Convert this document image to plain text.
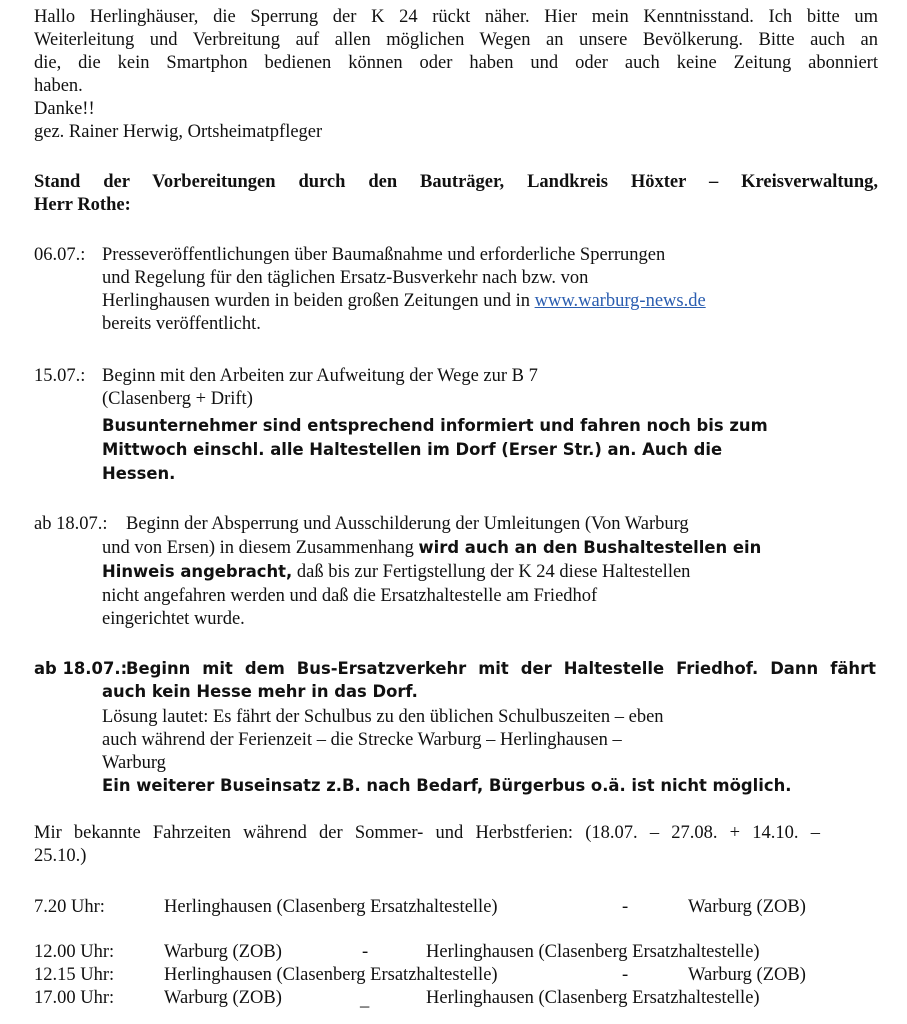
Hallo Herlinghäuser, die Sperrung der K 24 rückt näher. Hier mein Kenntnisstand. Ich bitte um
Weiterleitung und Verbreitung auf allen möglichen Wegen an unsere Bevölkerung. Bitte auch an
die, die kein Smartphon bedienen können oder haben und oder auch keine Zeitung abonniert
haben.
Danke!!
gez. Rainer Herwig, Ortsheimatpfleger
Stand der Vorbereitungen durch den Bauträger, Landkreis Höxter – Kreisverwaltung,
Herr Rothe:
06.07.: Presseveröffentlichungen über Baumaßnahme und erforderliche Sperrungen
und Regelung für den täglichen Ersatz-Busverkehr nach bzw. von
Herlinghausen wurden in beiden großen Zeitungen und in www.warburg-news.de
bereits veröffentlicht.
15.07.: Beginn mit den Arbeiten zur Aufweitung der Wege zur B 7
(Clasenberg + Drift)
Busunternehmer sind entsprechend informiert und fahren noch bis zum
Mittwoch einschl. alle Haltestellen im Dorf (Erser Str.) an. Auch die
Hessen.
ab 18.07.: Beginn der Absperrung und Ausschilderung der Umleitungen (Von Warburg
und von Ersen) in diesem Zusammenhang wird auch an den Bushaltestellen ein
Hinweis angebracht, daß bis zur Fertigstellung der K 24 diese Haltestellen
nicht angefahren werden und daß die Ersatzhaltestelle am Friedhof
eingerichtet wurde.
ab 18.07.:
Beginn mit dem Bus-Ersatzverkehr mit der Haltestelle Friedhof. Dann fährt
auch kein Hesse mehr in das Dorf.
Lösung lautet: Es fährt der Schulbus zu den üblichen Schulbuszeiten – eben
auch während der Ferienzeit – die Strecke Warburg – Herlinghausen –
Warburg
Ein weiterer Buseinsatz z.B. nach Bedarf, Bürgerbus o.ä. ist nicht möglich.
Mir bekannte Fahrzeiten während der Sommer- und Herbstferien: (18.07. – 27.08. + 14.10. –
25.10.)
7.20 Uhr:	Herlinghausen (Clasenberg Ersatzhaltestelle)	-	Warburg (ZOB)
12.00 Uhr:	Warburg (ZOB)	-	Herlinghausen (Clasenberg Ersatzhaltestelle)
12.15 Uhr:	Herlinghausen (Clasenberg Ersatzhaltestelle)	-	Warburg (ZOB)
17.00 Uhr:	Warburg (ZOB)	_	Herlinghausen (Clasenberg Ersatzhaltestelle)
